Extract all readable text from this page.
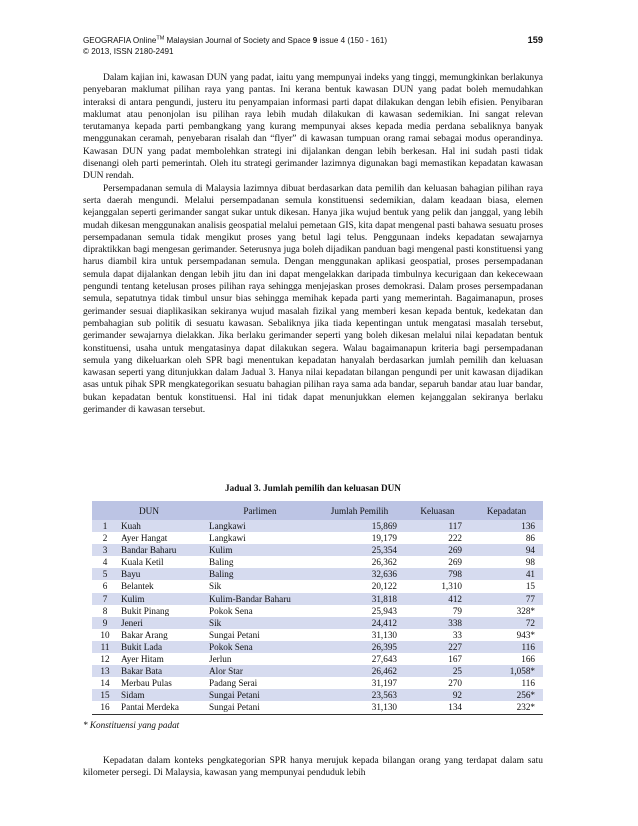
GEOGRAFIA Online™ Malaysian Journal of Society and Space 9 issue 4 (150 - 161)
© 2013, ISSN 2180-2491
159

Dalam kajian ini, kawasan DUN yang padat, iaitu yang mempunyai indeks yang tinggi, memungkinkan berlakunya penyebaran maklumat pilihan raya yang pantas. Ini kerana bentuk kawasan DUN yang padat boleh memudahkan interaksi di antara pengundi, justeru itu penyampaian informasi parti dapat dilakukan dengan lebih efisien. Penyibaran maklumat atau penonjolan isu pilihan raya lebih mudah dilakukan di kawasan sedemikian. Ini sangat relevan terutamanya kepada parti pembangkang yang kurang mempunyai akses kepada media perdana sebaliknya banyak menggunakan ceramah, penyebaran risalah dan “flyer” di kawasan tumpuan orang ramai sebagai modus operandinya. Kawasan DUN yang padat membolehkan strategi ini dijalankan dengan lebih berkesan. Hal ini sudah pasti tidak disenangi oleh parti pemerintah. Oleh itu strategi gerimander lazimnya digunakan bagi memastikan kepadatan kawasan DUN rendah.

Persempadanan semula di Malaysia lazimnya dibuat berdasarkan data pemilih dan keluasan bahagian pilihan raya serta daerah mengundi. Melalui persempadanan semula konstituensi sedemikian, dalam keadaan biasa, elemen kejanggalan seperti gerimander sangat sukar untuk dikesan. Hanya jika wujud bentuk yang pelik dan janggal, yang lebih mudah dikesan menggunakan analisis geospatial melalui pemetaan GIS, kita dapat mengenal pasti bahawa sesuatu proses persempadanan semula tidak mengikut proses yang betul lagi telus. Penggunaan indeks kepadatan sewajarnya dipraktikkan bagi mengesan gerimander. Seterusnya juga boleh dijadikan panduan bagi mengenal pasti konstituensi yang harus diambil kira untuk persempadanan semula. Dengan menggunakan aplikasi geospatial, proses persempadanan semula dapat dijalankan dengan lebih jitu dan ini dapat mengelakkan daripada timbulnya kecurigaan dan kekecewaan pengundi tentang ketelusan proses pilihan raya sehingga menjejaskan proses demokrasi. Dalam proses persempadanan semula, sepatutnya tidak timbul unsur bias sehingga memihak kepada parti yang memerintah. Bagaimanapun, proses gerimander sesuai diaplikasikan sekiranya wujud masalah fizikal yang memberi kesan kepada bentuk, kedekatan dan pembahagian sub politik di sesuatu kawasan. Sebaliknya jika tiada kepentingan untuk mengatasi masalah tersebut, gerimander sewajarnya dielakkan. Jika berlaku gerimander seperti yang boleh dikesan melalui nilai kepadatan bentuk konstituensi, usaha untuk mengatasinya dapat dilakukan segera. Walau bagaimanapun kriteria bagi persempadanan semula yang dikeluarkan oleh SPR bagi menentukan kepadatan hanyalah berdasarkan jumlah pemilih dan keluasan kawasan seperti yang ditunjukkan dalam Jadual 3. Hanya nilai kepadatan bilangan pengundi per unit kawasan dijadikan asas untuk pihak SPR mengkategorikan sesuatu bahagian pilihan raya sama ada bandar, separuh bandar atau luar bandar, bukan kepadatan bentuk konstituensi. Hal ini tidak dapat menunjukkan elemen kejanggalan sekiranya berlaku gerimander di kawasan tersebut.

Jadual 3. Jumlah pemilih dan keluasan DUN
DUN		Parlimen	Jumlah Pemilih	Keluasan	Kepadatan
1	Kuah	Langkawi	15,869	117	136
2	Ayer Hangat	Langkawi	19,179	222	86
3	Bandar Baharu	Kulim	25,354	269	94
4	Kuala Ketil	Baling	26,362	269	98
5	Bayu	Baling	32,636	798	41
6	Belantek	Sik	20,122	1,310	15
7	Kulim	Kulim-Bandar Baharu	31,818	412	77
8	Bukit Pinang	Pokok Sena	25,943	79	328*
9	Jeneri	Sik	24,412	338	72
10	Bakar Arang	Sungai Petani	31,130	33	943*
11	Bukit Lada	Pokok Sena	26,395	227	116
12	Ayer Hitam	Jerlun	27,643	167	166
13	Bakar Bata	Alor Star	26,462	25	1,058*
14	Merbau Pulas	Padang Serai	31,197	270	116
15	Sidam	Sungai Petani	23,563	92	256*
16	Pantai Merdeka	Sungai Petani	31,130	134	232*
* Konstituensi yang padat

Kepadatan dalam konteks pengkategorian SPR hanya merujuk kepada bilangan orang yang terdapat dalam satu kilometer persegi. Di Malaysia, kawasan yang mempunyai penduduk lebih
